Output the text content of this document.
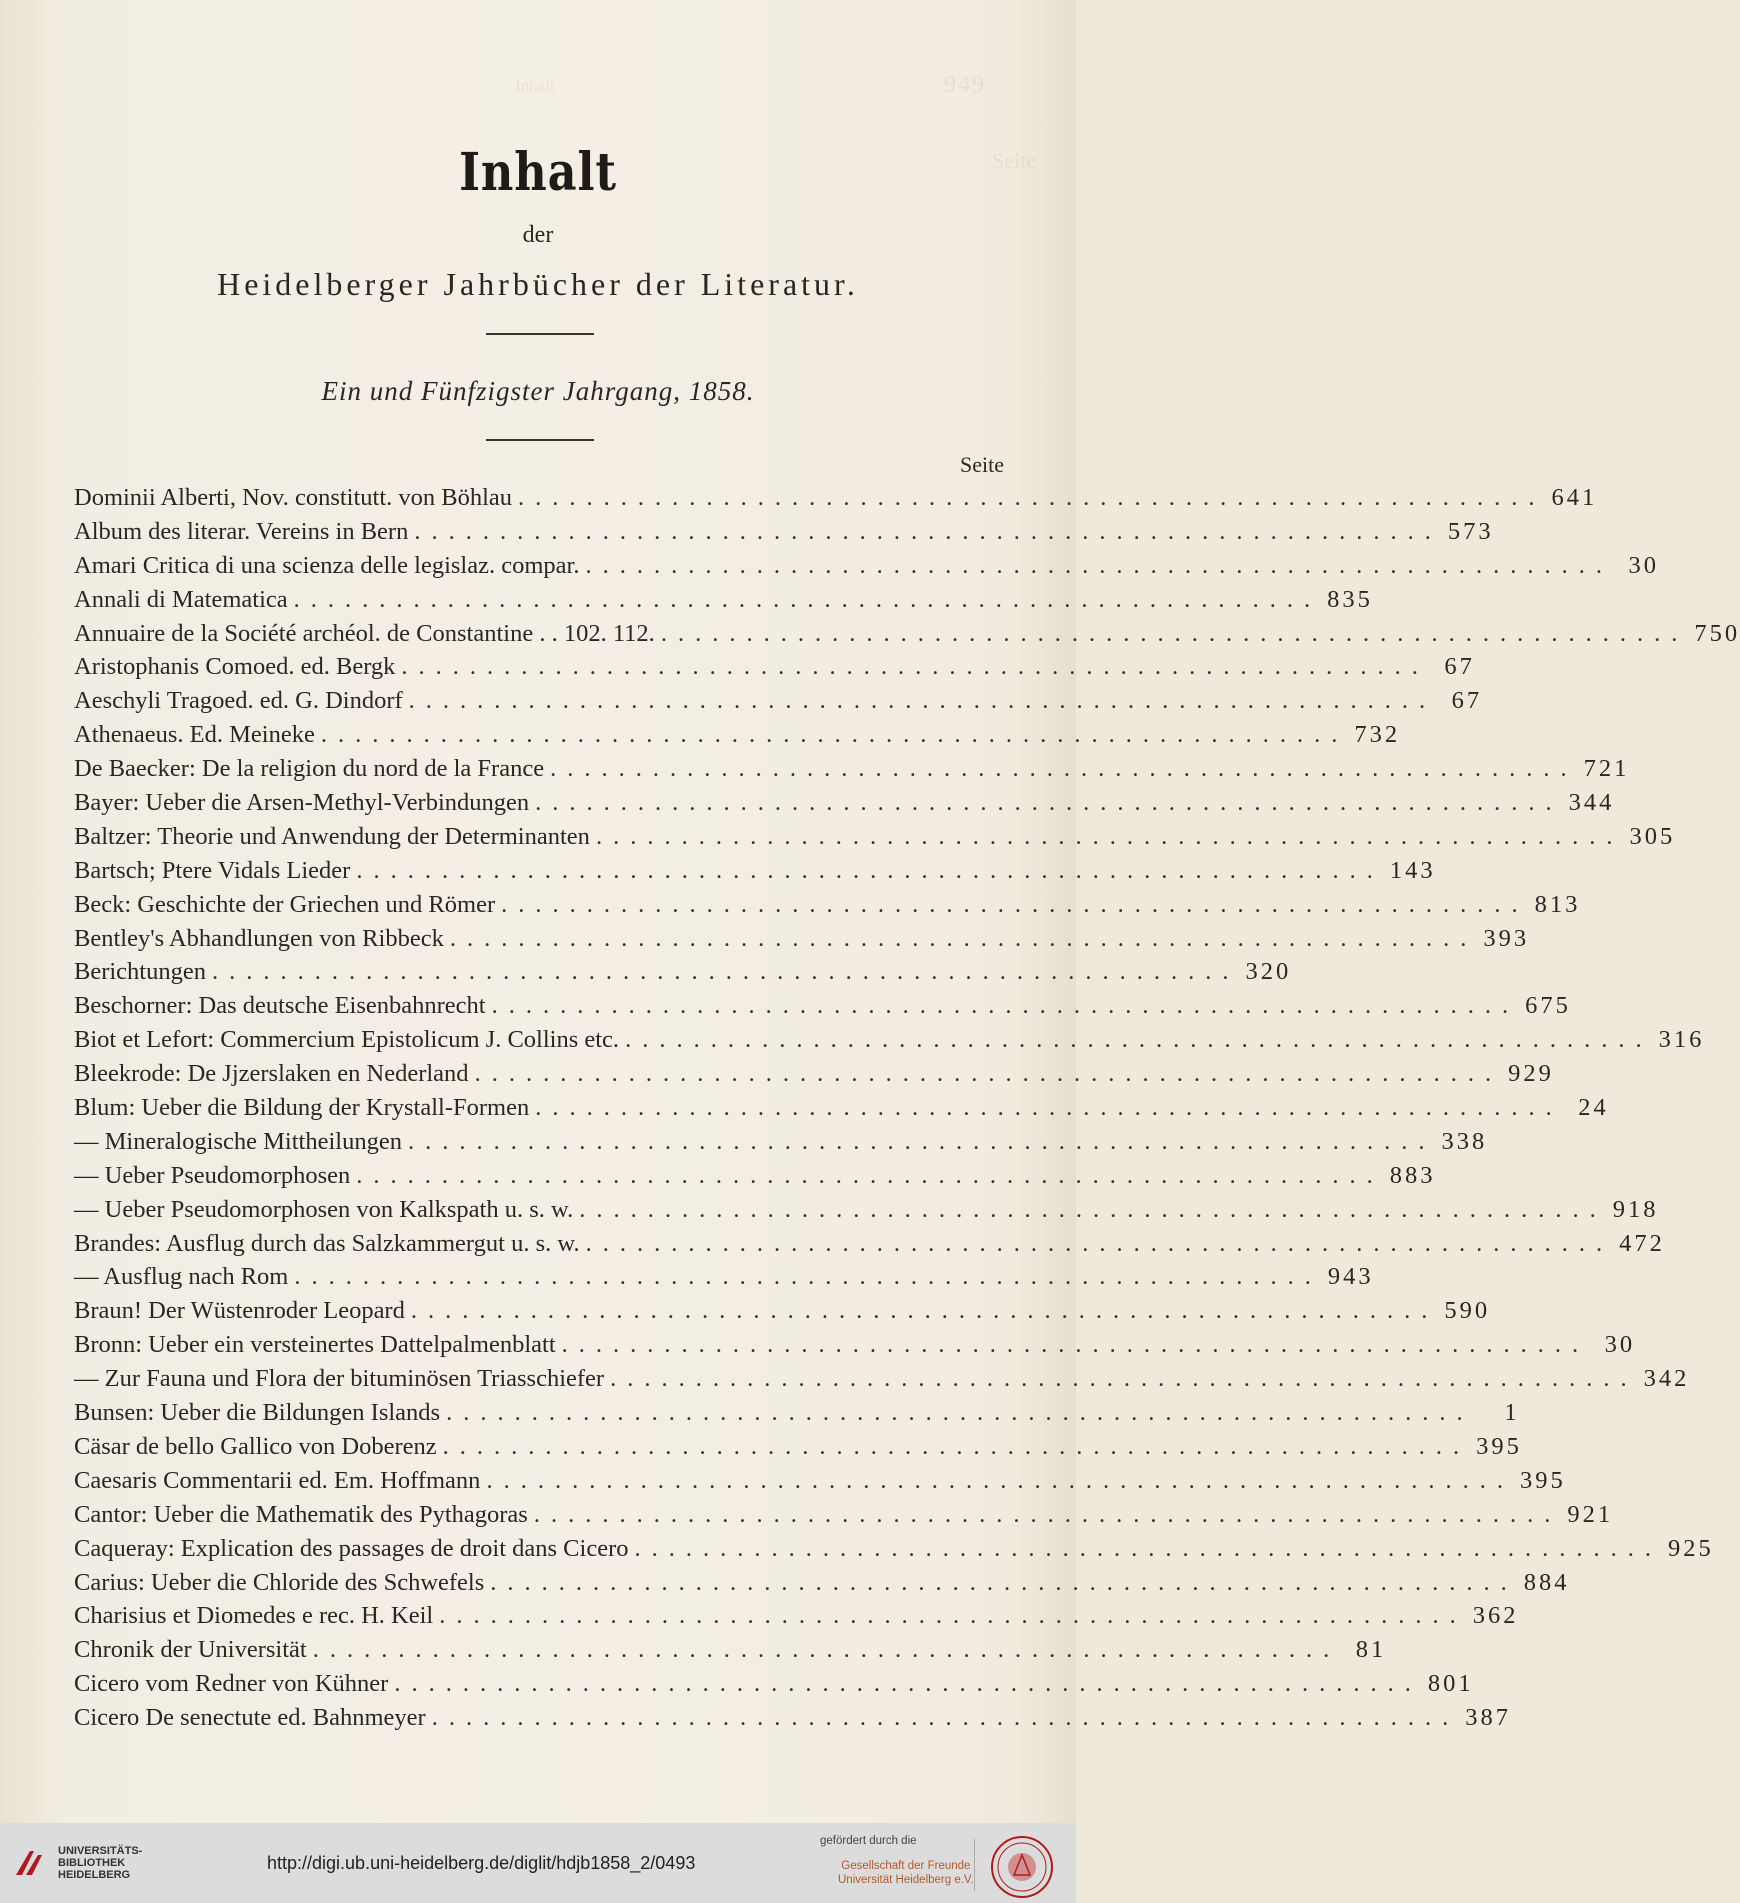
949
Inhalt
Seite
Inhalt
der
Heidelberger Jahrbücher der Literatur.
Ein und Fünfzigster Jahrgang, 1858.
Seite
Dominii Alberti, Nov. constitutt. von Böhlau ............................................................ 641
Album des literar. Vereins in Bern ............................................................ 573
Amari Critica di una scienza delle legislaz. compar. ............................................................ 30
Annali di Matematica ............................................................ 835
Annuaire de la Société archéol. de Constantine . . 102. 112. ............................................................ 750
Aristophanis Comoed. ed. Bergk ............................................................ 67
Aeschyli Tragoed. ed. G. Dindorf ............................................................ 67
Athenaeus. Ed. Meineke ............................................................ 732
De Baecker: De la religion du nord de la France ............................................................ 721
Bayer: Ueber die Arsen-Methyl-Verbindungen ............................................................ 344
Baltzer: Theorie und Anwendung der Determinanten ............................................................ 305
Bartsch; Ptere Vidals Lieder ............................................................ 143
Beck: Geschichte der Griechen und Römer ............................................................ 813
Bentley's Abhandlungen von Ribbeck ............................................................ 393
Berichtungen ............................................................ 320
Beschorner: Das deutsche Eisenbahnrecht ............................................................ 675
Biot et Lefort: Commercium Epistolicum J. Collins etc. ............................................................ 316
Bleekrode: De Jjzerslaken en Nederland ............................................................ 929
Blum: Ueber die Bildung der Krystall-Formen ............................................................ 24
— Mineralogische Mittheilungen ............................................................ 338
— Ueber Pseudomorphosen ............................................................ 883
— Ueber Pseudomorphosen von Kalkspath u. s. w. ............................................................ 918
Brandes: Ausflug durch das Salzkammergut u. s. w. ............................................................ 472
— Ausflug nach Rom ............................................................ 943
Braun! Der Wüstenroder Leopard ............................................................ 590
Bronn: Ueber ein versteinertes Dattelpalmenblatt ............................................................ 30
— Zur Fauna und Flora der bituminösen Triasschiefer ............................................................ 342
Bunsen: Ueber die Bildungen Islands ............................................................	1
Cäsar de bello Gallico von Doberenz ............................................................ 395
Caesaris Commentarii ed. Em. Hoffmann ............................................................ 395
Cantor: Ueber die Mathematik des Pythagoras ............................................................ 921
Caqueray: Explication des passages de droit dans Cicero ............................................................ 925
Carius: Ueber die Chloride des Schwefels ............................................................ 884
Charisius et Diomedes e rec. H. Keil ............................................................ 362
Chronik der Universität ............................................................ 81
Cicero vom Redner von Kühner ............................................................ 801
Cicero De senectute ed. Bahnmeyer ............................................................ 387
UNIVERSITÄTS-
BIBLIOTHEK
HEIDELBERG
http://digi.ub.uni-heidelberg.de/diglit/hdjb1858_2/0493
gefördert durch die
Gesellschaft der Freunde
Universität Heidelberg e.V.
